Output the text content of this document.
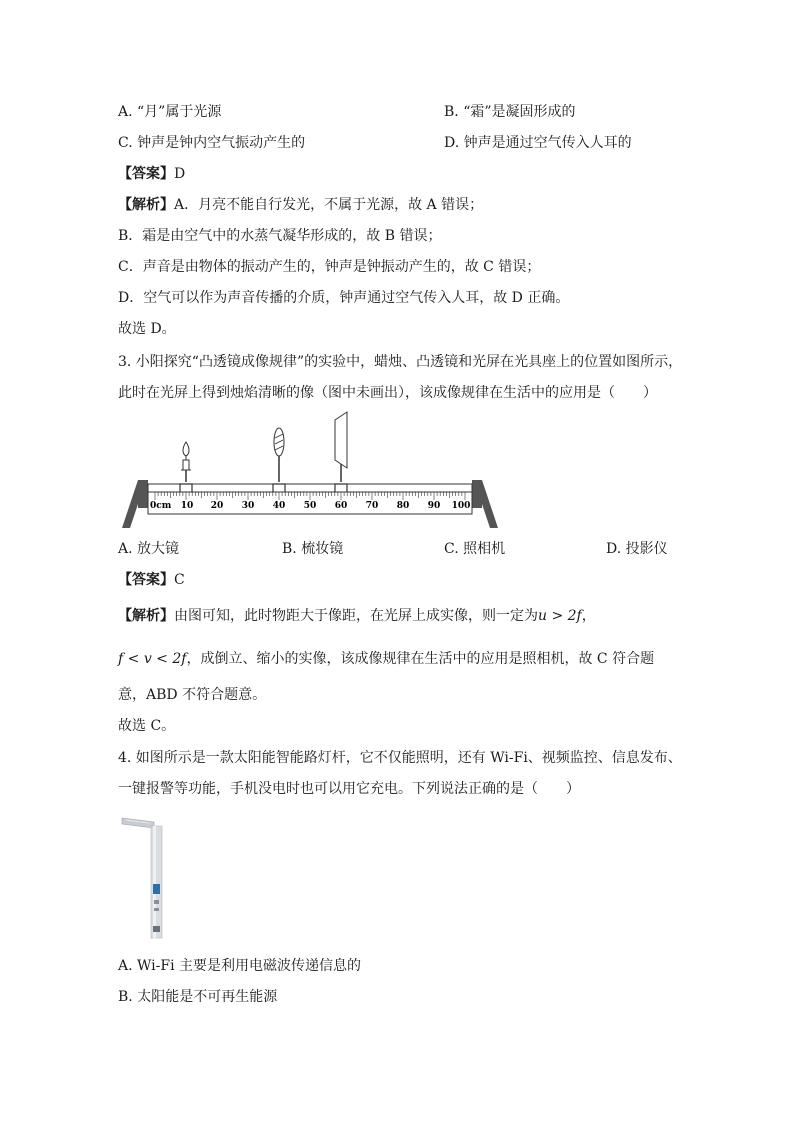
A. “月”属于光源	B. “霜”是凝固形成的
C. 钟声是钟内空气振动产生的	D. 钟声是通过空气传入人耳的
【答案】D
【解析】A．月亮不能自行发光，不属于光源，故 A 错误；
B．霜是由空气中的水蒸气凝华形成的，故 B 错误；
C．声音是由物体的振动产生的，钟声是钟振动产生的，故 C 错误；
D．空气可以作为声音传播的介质，钟声通过空气传入人耳，故 D 正确。
故选 D。
3. 小阳探究“凸透镜成像规律”的实验中，蜡烛、凸透镜和光屏在光具座上的位置如图所示，
此时在光屏上得到烛焰清晰的像（图中未画出），该成像规律在生活中的应用是（　　）
0cm 10 20 30 40 50 60 70 80 90 100
A. 放大镜	B. 梳妆镜	C. 照相机	D. 投影仪
【答案】C
【解析】由图可知，此时物距大于像距，在光屏上成实像，则一定为u > 2f，
f < v < 2f，成倒立、缩小的实像，该成像规律在生活中的应用是照相机，故 C 符合题
意，ABD 不符合题意。
故选 C。
4. 如图所示是一款太阳能智能路灯杆，它不仅能照明，还有 Wi-Fi、视频监控、信息发布、
一键报警等功能，手机没电时也可以用它充电。下列说法正确的是（　　）
A. Wi-Fi 主要是利用电磁波传递信息的
B. 太阳能是不可再生能源
